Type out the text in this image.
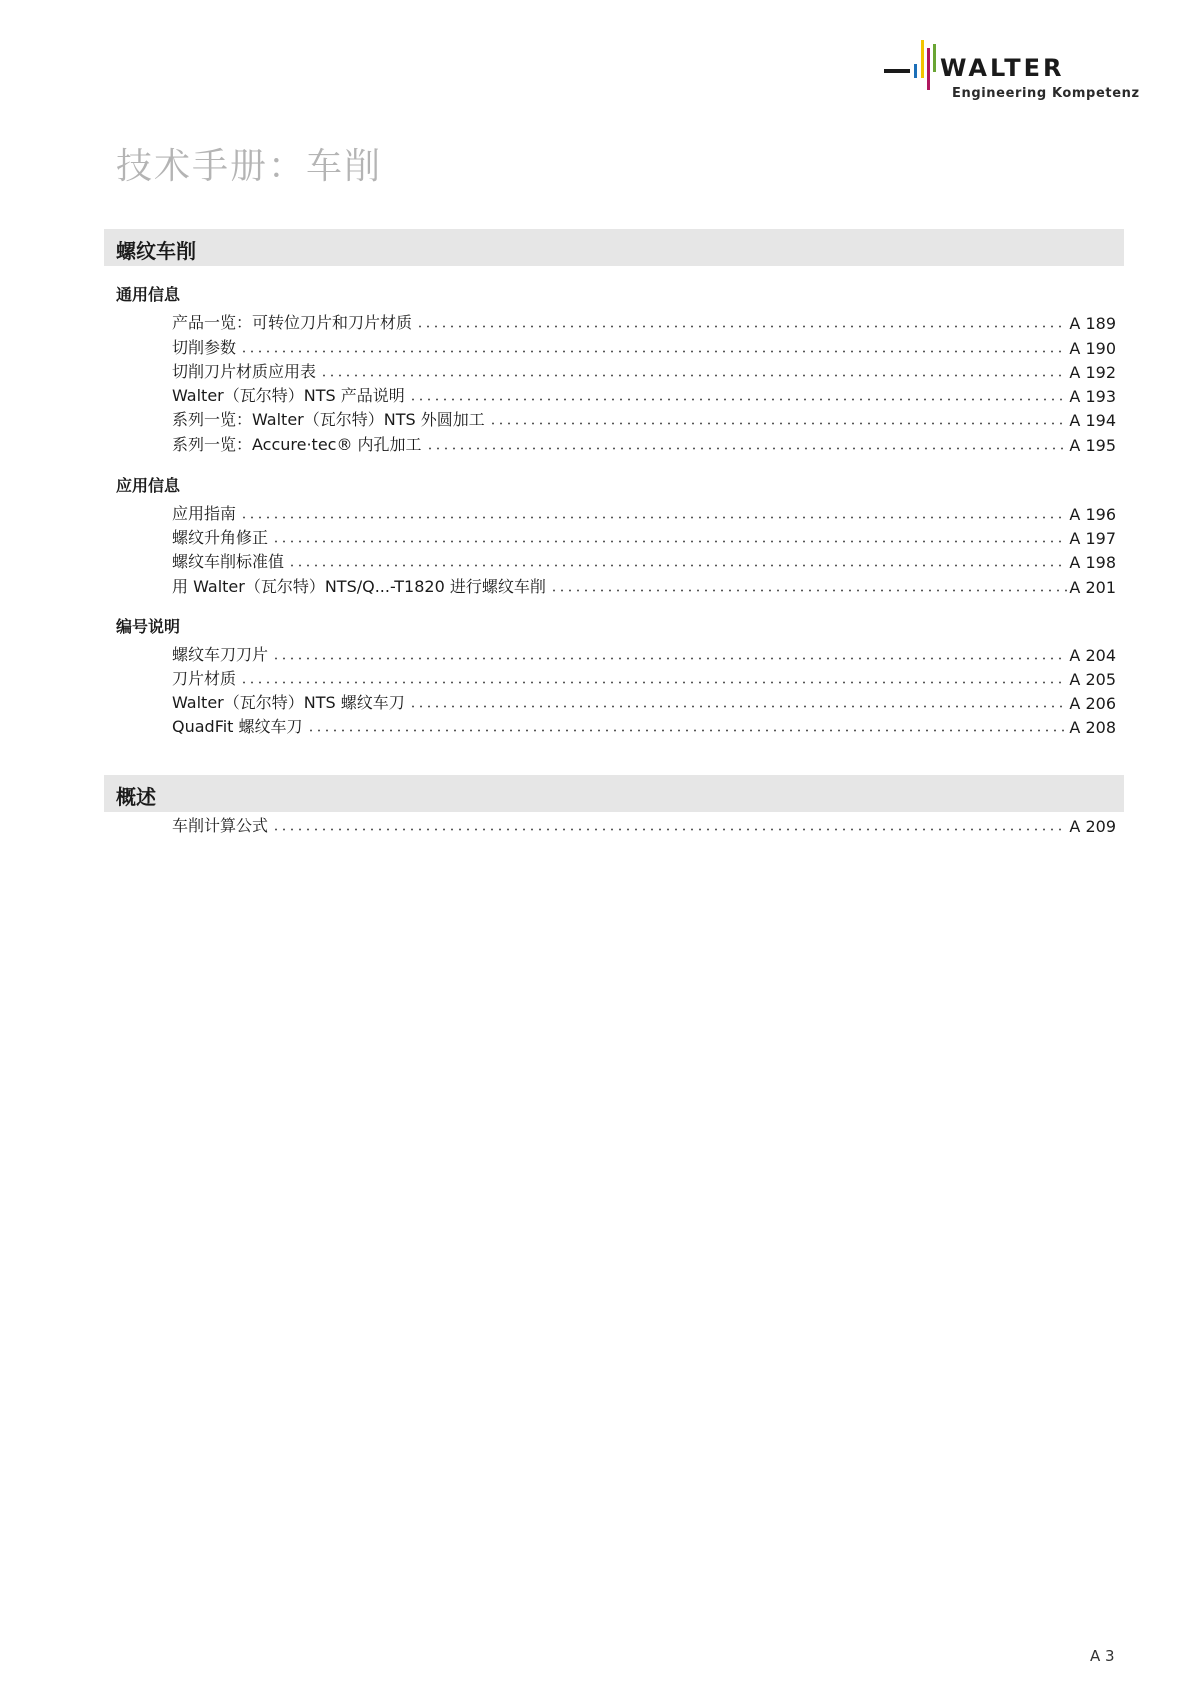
WALTER
Engineering Kompetenz
技术手册：车削
螺纹车削
通用信息
产品一览：可转位刀片和刀片材质	A 189
切削参数	A 190
切削刀片材质应用表	A 192
Walter（瓦尔特）NTS 产品说明	A 193
系列一览：Walter（瓦尔特）NTS 外圆加工	A 194
系列一览：Accure·tec® 内孔加工	A 195
应用信息
应用指南	A 196
螺纹升角修正	A 197
螺纹车削标准值	A 198
用 Walter（瓦尔特）NTS/Q...-T1820 进行螺纹车削	A 201
编号说明
螺纹车刀刀片	A 204
刀片材质	A 205
Walter（瓦尔特）NTS 螺纹车刀	A 206
QuadFit 螺纹车刀	A 208
概述
车削计算公式	A 209
A 3
